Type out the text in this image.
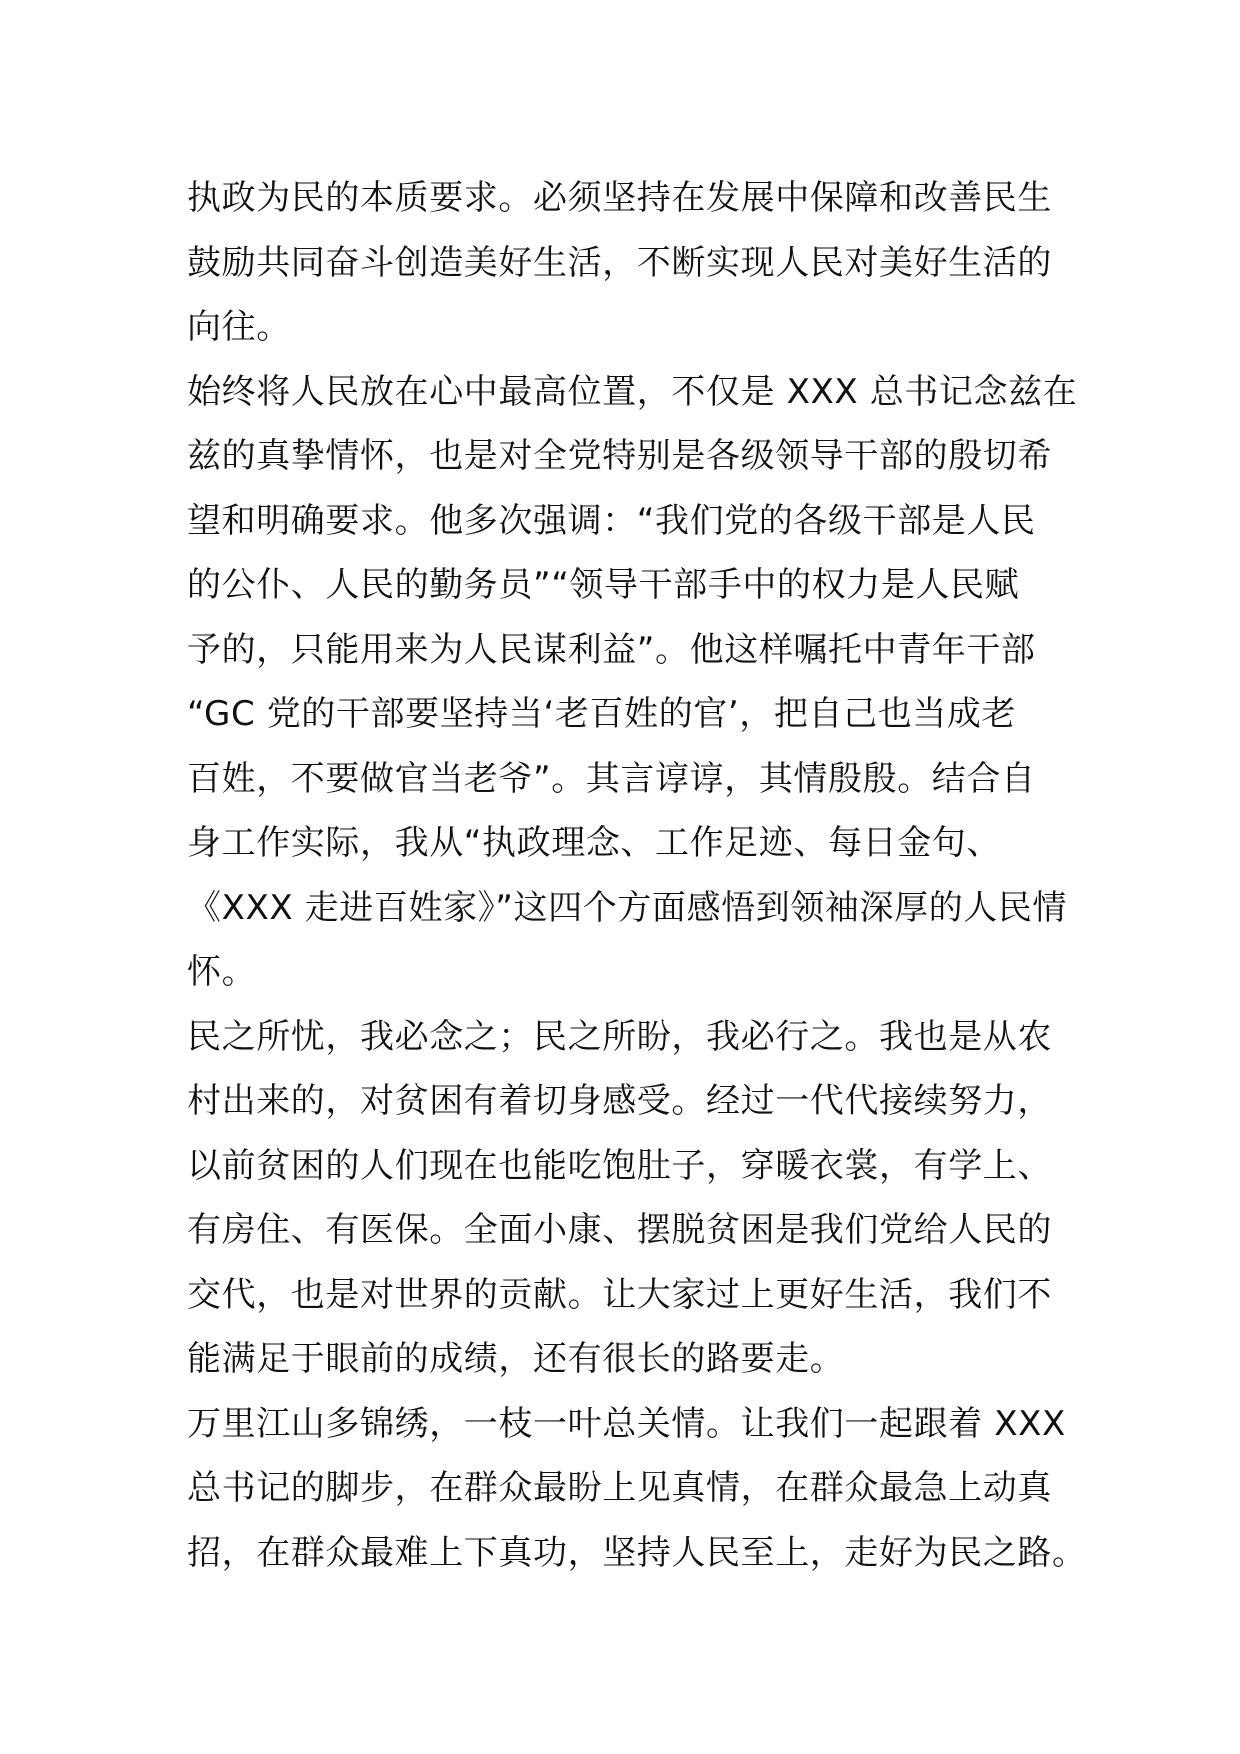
执政为民的本质要求。必须坚持在发展中保障和改善民生
鼓励共同奋斗创造美好生活，不断实现人民对美好生活的
向往。
始终将人民放在心中最高位置，不仅是 XXX 总书记念兹在
兹的真挚情怀，也是对全党特别是各级领导干部的殷切希
望和明确要求。他多次强调：“我们党的各级干部是人民
的公仆、人民的勤务员”“领导干部手中的权力是人民赋
予的，只能用来为人民谋利益”。他这样嘱托中青年干部
“GC 党的干部要坚持当‘老百姓的官’，把自己也当成老
百姓，不要做官当老爷”。其言谆谆，其情殷殷。结合自
身工作实际，我从“执政理念、工作足迹、每日金句、
《XXX 走进百姓家》”这四个方面感悟到领袖深厚的人民情
怀。
民之所忧，我必念之；民之所盼，我必行之。我也是从农
村出来的，对贫困有着切身感受。经过一代代接续努力，
以前贫困的人们现在也能吃饱肚子，穿暖衣裳，有学上、
有房住、有医保。全面小康、摆脱贫困是我们党给人民的
交代，也是对世界的贡献。让大家过上更好生活，我们不
能满足于眼前的成绩，还有很长的路要走。
万里江山多锦绣，一枝一叶总关情。让我们一起跟着 XXX
总书记的脚步，在群众最盼上见真情，在群众最急上动真
招，在群众最难上下真功，坚持人民至上，走好为民之路。
